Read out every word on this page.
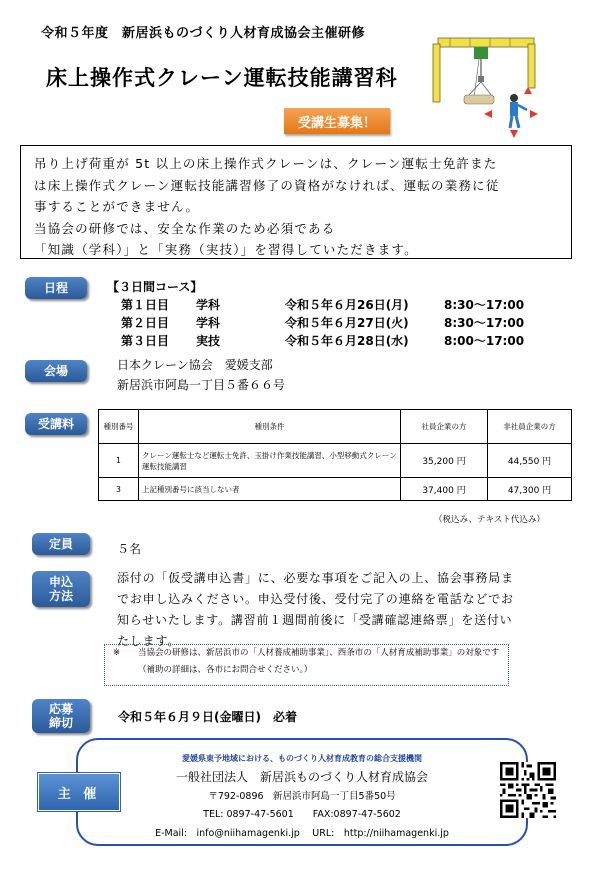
令和５年度　新居浜ものづくり人材育成協会主催研修
床上操作式クレーン運転技能講習科
受講生募集！
吊り上げ荷重が 5t 以上の床上操作式クレーンは、クレーン運転士免許また
は床上操作式クレーン運転技能講習修了の資格がなければ、運転の業務に従
事することができません。
当協会の研修では、安全な作業のため必須である
「知識（学科）」と「実務（実技）」を習得していただきます。
日程	【３日間コース】
第１日目 学科	令和５年６月26日(月)	8:30～17:00
第２日目 学科	令和５年６月27日(火)	8:30～17:00
第３日目 実技	令和５年６月28日(水)	8:00～17:00
会場	日本クレーン協会　愛媛支部
新居浜市阿島一丁目５番６６号
受講料	種別番号	種別条件	社員企業の方	非社員企業の方
1	クレーン運転士など運転士免許、玉掛け作業技能講習、小型移動式クレーン運転技能講習	35,200 円	44,550 円
3	上記種別番号に該当しない者	37,400 円	47,300 円
（税込み、テキスト代込み）
定員	５名
申込方法
添付の「仮受講申込書」に、必要な事項をご記入の上、協会事務局までお申し込みください。申込受付後、受付完了の連絡を電話などでお知らせいたします。講習前１週間前後に「受講確認連絡票」を送付いたします。
※ 当協会の研修は、新居浜市の「人材養成補助事業」、西条市の「人材育成補助事業」の対象です（補助の詳細は、各市にお問合せください。）
応募締切	令和５年６月９日(金曜日)　必着
主 催
愛媛県東予地域における、ものづくり人材育成教育の総合支援機関
一般社団法人　新居浜ものづくり人材育成協会
〒792-0896　新居浜市阿島一丁目5番50号
TEL: 0897-47-5601　　FAX:0897-47-5602
E-Mail:　info@niihamagenki.jp　 URL:　http://niihamagenki.jp
